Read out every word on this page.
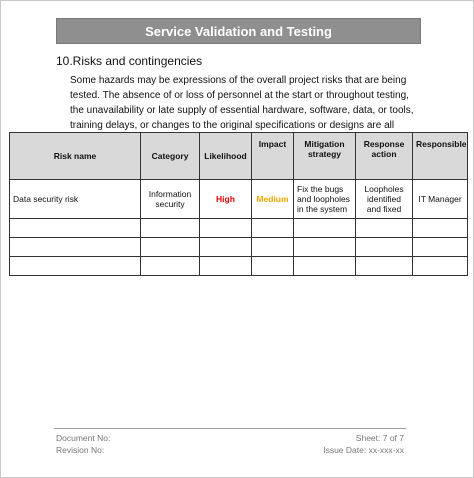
Service Validation and Testing
10.Risks and contingencies
Some hazards may be expressions of the overall project risks that are being tested. The absence of or loss of personnel at the start or throughout testing, the unavailability or late supply of essential hardware, software, data, or tools, training delays, or changes to the original specifications or designs are all
Risk name	Category	Likelihood	Impact	Mitigation strategy	Response action	Responsible
Data security risk	Information security	High	Medium	Fix the bugs and loopholes in the system	Loopholes identified and fixed	IT Manager

Document No:
Revision No:
Sheet: 7 of 7
Issue Date: xx-xxx-xx
